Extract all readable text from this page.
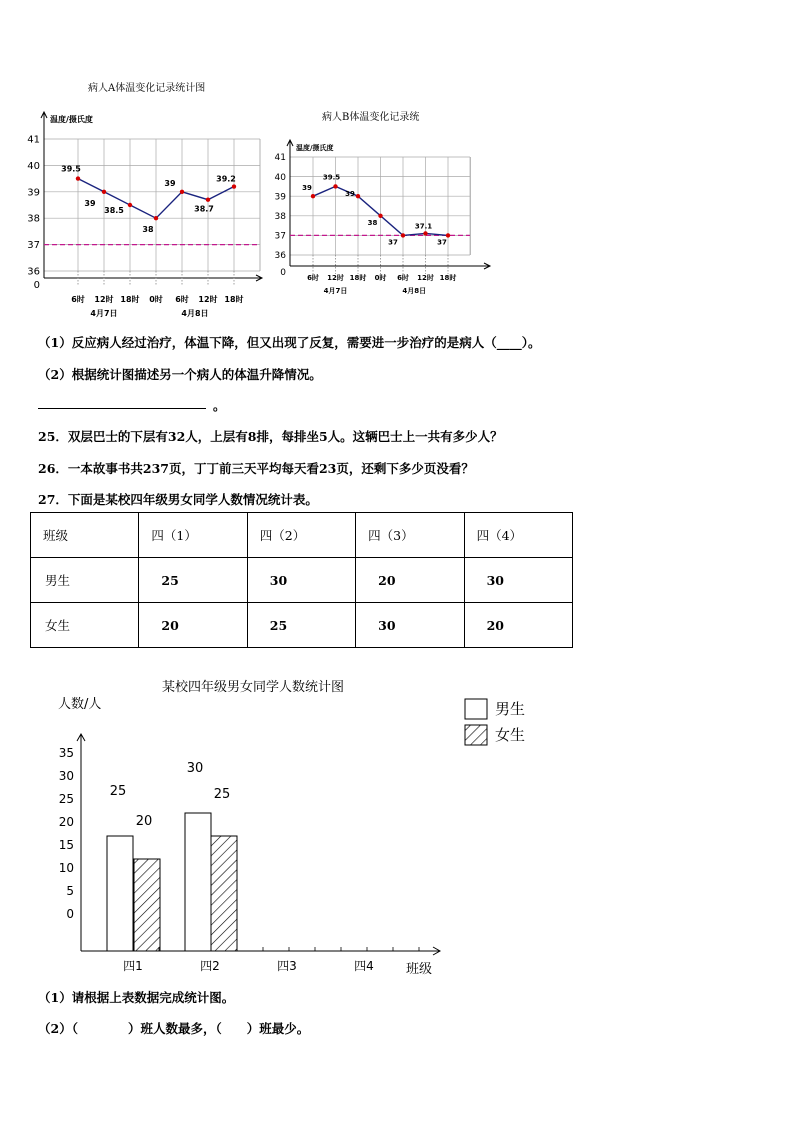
病人A体温变化记录统计图
温度/摄氏度
41
40
39
38
37
36
0
6时 12时 18时 0时 6时 12时 18时
4月7日	4月8日
39.5
39
38.5
38
39
38.7
39.2
病人B体温变化记录统
温度/摄氏度
41
40
39
38
37
36
0	6时 12时 18时 0时 6时 12时 18时
4月7日	4月8日
39
39.5
39
38
37
37.1
37
（1）反应病人经过治疗，体温下降，但又出现了反复，需要进一步治疗的是病人（____）。
（2）根据统计图描述另一个病人的体温升降情况。
。
25．双层巴士的下层有32人，上层有8排，每排坐5人。这辆巴士上一共有多少人？
26．一本故事书共237页，丁丁前三天平均每天看23页，还剩下多少页没看？
27．下面是某校四年级男女同学人数情况统计表。
班级	四（1）	四（2）	四（3）	四（4）
男生	25	30	20	30
女生	20	25	30	20
某校四年级男女同学人数统计图
人数/人
35
30
25
20
15
10
5
0
四1	四2	四3	四4 班级
25
30
20
25
男生
女生
（1）请根据上表数据完成统计图。
（2）（　　　　）班人数最多，（　　）班最少。
